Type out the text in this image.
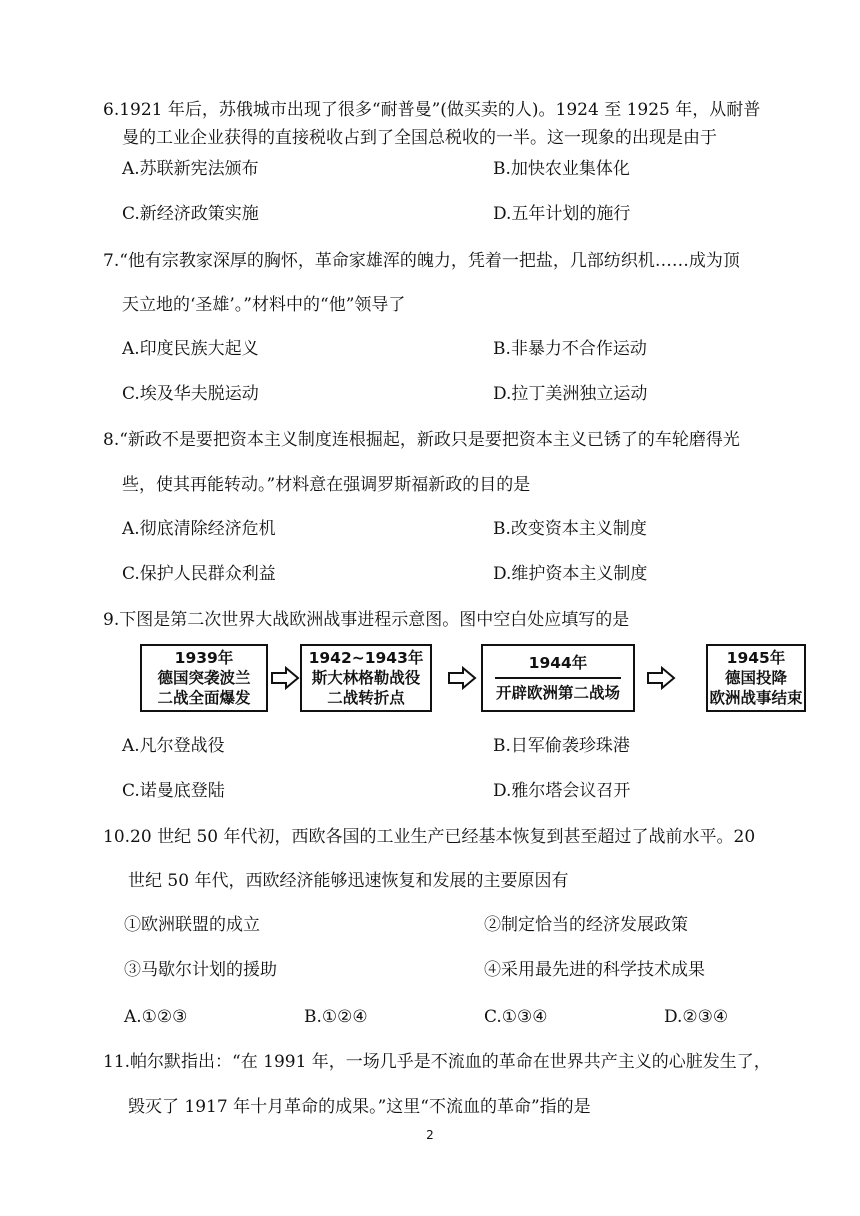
6.1921 年后，苏俄城市出现了很多“耐普曼”(做买卖的人)。1924 至 1925 年，从耐普
曼的工业企业获得的直接税收占到了全国总税收的一半。这一现象的出现是由于
A.苏联新宪法颁布	B.加快农业集体化
C.新经济政策实施	D.五年计划的施行
7.“他有宗教家深厚的胸怀，革命家雄浑的魄力，凭着一把盐，几部纺织机……成为顶
天立地的‘圣雄’。”材料中的“他”领导了
A.印度民族大起义	B.非暴力不合作运动
C.埃及华夫脱运动	D.拉丁美洲独立运动
8.“新政不是要把资本主义制度连根掘起，新政只是要把资本主义已锈了的车轮磨得光
些，使其再能转动。”材料意在强调罗斯福新政的目的是
A.彻底清除经济危机	B.改变资本主义制度
C.保护人民群众利益	D.维护资本主义制度
9.下图是第二次世界大战欧洲战事进程示意图。图中空白处应填写的是
1939年
德国突袭波兰
二战全面爆发
1942~1943年
斯大林格勒战役
二战转折点
1944年
开辟欧洲第二战场
1945年
德国投降
欧洲战事结束
A.凡尔登战役	B.日军偷袭珍珠港
C.诺曼底登陆	D.雅尔塔会议召开
10.20 世纪 50 年代初，西欧各国的工业生产已经基本恢复到甚至超过了战前水平。20
世纪 50 年代，西欧经济能够迅速恢复和发展的主要原因有
①欧洲联盟的成立	②制定恰当的经济发展政策
③马歇尔计划的援助	④采用最先进的科学技术成果
A.①②③	B.①②④	C.①③④	D.②③④
11.帕尔默指出：“在 1991 年，一场几乎是不流血的革命在世界共产主义的心脏发生了，
毁灭了 1917 年十月革命的成果。”这里“不流血的革命”指的是
2
